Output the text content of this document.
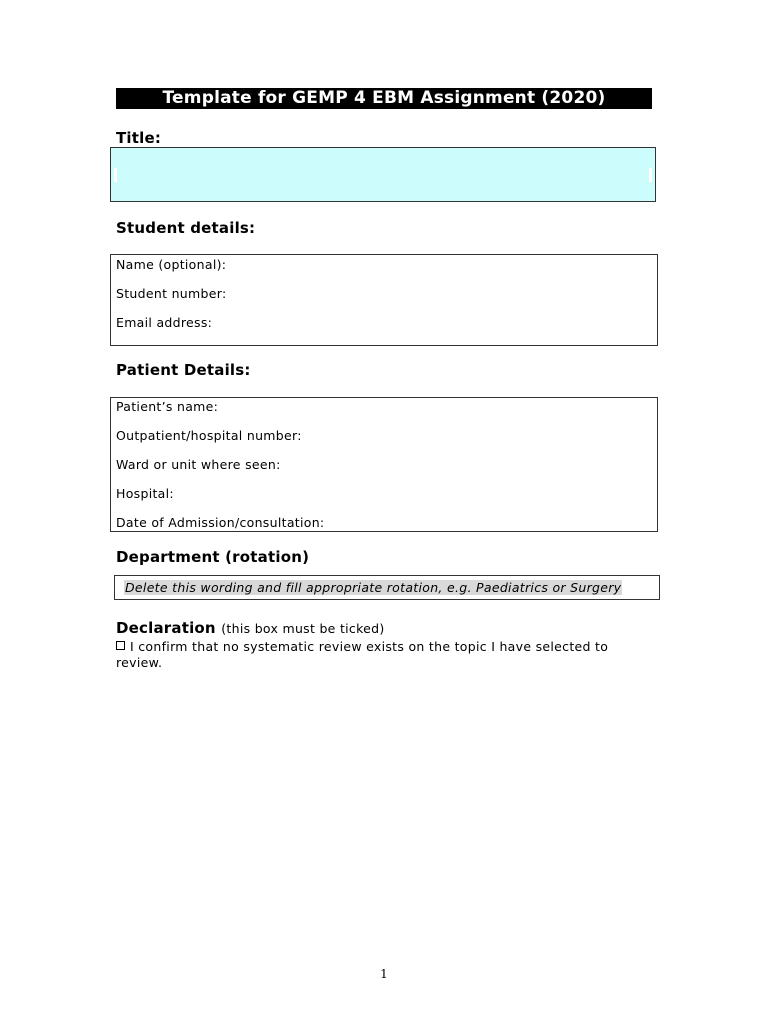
Template for GEMP 4 EBM Assignment (2020)
Title:
Student details:
Name (optional):
Student number:
Email address:
Patient Details:
Patient’s name:
Outpatient/hospital number:
Ward or unit where seen:
Hospital:
Date of Admission/consultation:
Department (rotation)
Delete this wording and fill appropriate rotation, e.g. Paediatrics or Surgery
Declaration (this box must be ticked)
I confirm that no systematic review exists on the topic I have selected to review.
1
